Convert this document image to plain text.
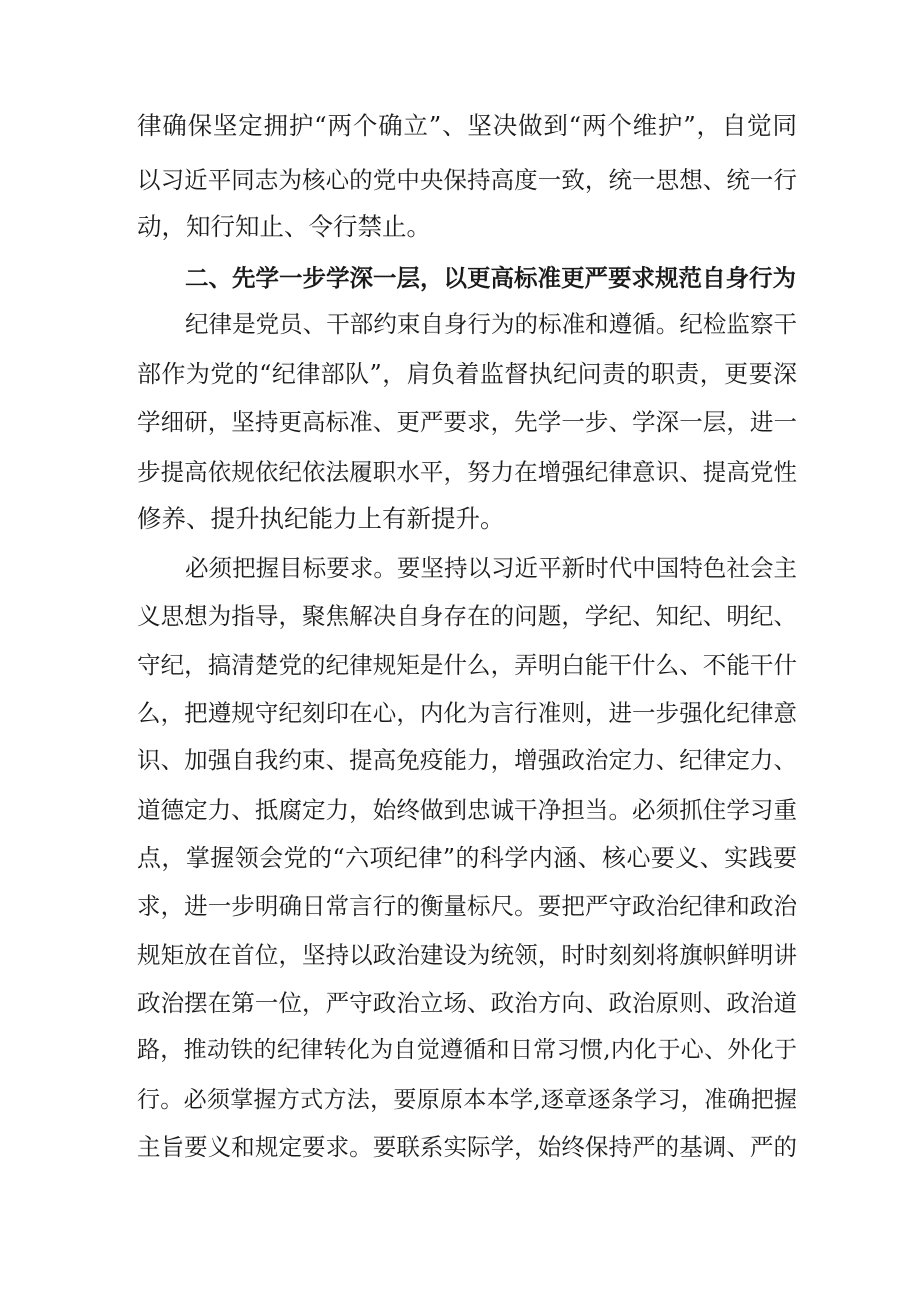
律确保坚定拥护“两个确立”、坚决做到“两个维护”，自觉同
以习近平同志为核心的党中央保持高度一致，统一思想、统一行
动，知行知止、令行禁止。
二、先学一步学深一层，以更高标准更严要求规范自身行为
纪律是党员、干部约束自身行为的标准和遵循。纪检监察干
部作为党的“纪律部队”，肩负着监督执纪问责的职责，更要深
学细研，坚持更高标准、更严要求，先学一步、学深一层，进一
步提高依规依纪依法履职水平，努力在增强纪律意识、提高党性
修养、提升执纪能力上有新提升。
必须把握目标要求。要坚持以习近平新时代中国特色社会主
义思想为指导，聚焦解决自身存在的问题，学纪、知纪、明纪、
守纪，搞清楚党的纪律规矩是什么，弄明白能干什么、不能干什
么，把遵规守纪刻印在心，内化为言行准则，进一步强化纪律意
识、加强自我约束、提高免疫能力，增强政治定力、纪律定力、
道德定力、抵腐定力，始终做到忠诚干净担当。必须抓住学习重
点，掌握领会党的“六项纪律”的科学内涵、核心要义、实践要
求，进一步明确日常言行的衡量标尺。要把严守政治纪律和政治
规矩放在首位，坚持以政治建设为统领，时时刻刻将旗帜鲜明讲
政治摆在第一位，严守政治立场、政治方向、政治原则、政治道
路，推动铁的纪律转化为自觉遵循和日常习惯,内化于心、外化于
行。必须掌握方式方法，要原原本本学,逐章逐条学习，准确把握
主旨要义和规定要求。要联系实际学，始终保持严的基调、严的
